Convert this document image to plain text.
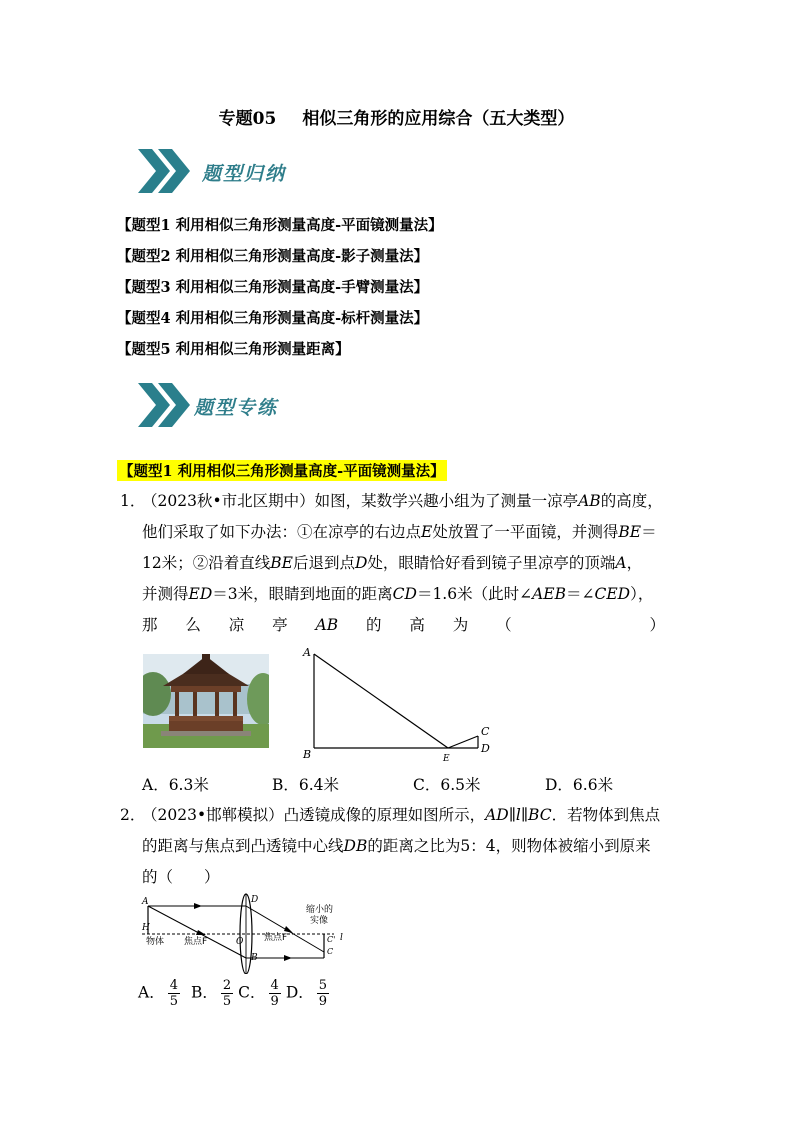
专题05 相似三角形的应用综合（五大类型）
题型归纳
【题型1 利用相似三角形测量高度-平面镜测量法】
【题型2 利用相似三角形测量高度-影子测量法】
【题型3 利用相似三角形测量高度-手臂测量法】
【题型4 利用相似三角形测量高度-标杆测量法】
【题型5 利用相似三角形测量距离】
题型专练
【题型1 利用相似三角形测量高度-平面镜测量法】
1．（2023秋•市北区期中）如图，某数学兴趣小组为了测量一凉亭AB的高度，
他们采取了如下办法：①在凉亭的右边点E处放置了一平面镜，并测得BE＝
12米；②沿着直线BE后退到点D处，眼睛恰好看到镜子里凉亭的顶端A，
并测得ED＝3米，眼睛到地面的距离CD＝1.6米（此时∠AEB＝∠CED），
那 么 凉 亭 AB 的 高 为 （	）
A
B	E
C
D
A．6.3米	B．6.4米	C．6.5米	D．6.6米
2．（2023•邯郸模拟）凸透镜成像的原理如图所示，AD∥l∥BC．若物体到焦点
的距离与焦点到凸透镜中心线DB的距离之比为5：4，则物体被缩小到原来
的（　　）
A
H
D
O
B
C'
C
l
物体 焦点F	焦点F
缩小的
实像
A． $\frac{4}{5}$ B． $\frac{2}{5}$ C． $\frac{4}{9}$ D． $\frac{5}{9}$
